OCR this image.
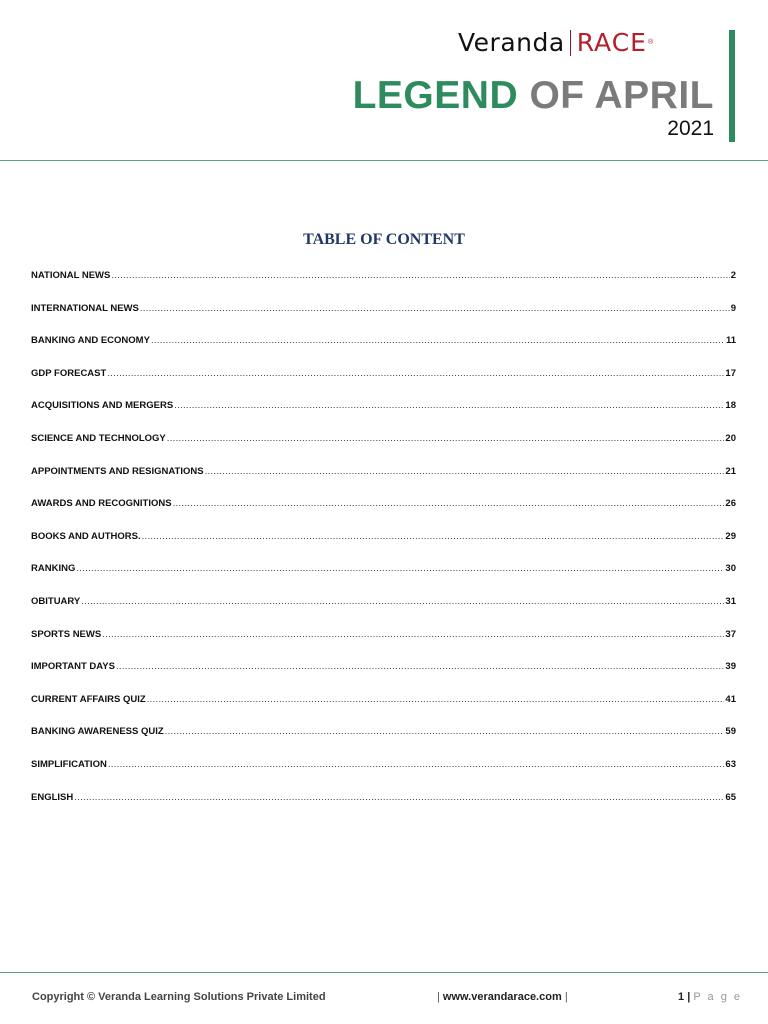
Veranda RACE ®
LEGEND OF APRIL
2021
TABLE OF CONTENT
NATIONAL NEWS .....	2
INTERNATIONAL NEWS .....	9
BANKING AND ECONOMY .....	11
GDP FORECAST .....	17
ACQUISITIONS AND MERGERS .....	18
SCIENCE AND TECHNOLOGY .....	20
APPOINTMENTS AND RESIGNATIONS .....	21
AWARDS AND RECOGNITIONS .....	26
BOOKS AND AUTHORS. .....	29
RANKING .....	30
OBITUARY .....	31
SPORTS NEWS .....	37
IMPORTANT DAYS .....	39
CURRENT AFFAIRS QUIZ .....	41
BANKING AWARENESS QUIZ .....	59
SIMPLIFICATION .....	63
ENGLISH .....	65
Copyright © Veranda Learning Solutions Private Limited	| www.verandarace.com |	1 | P a g e
